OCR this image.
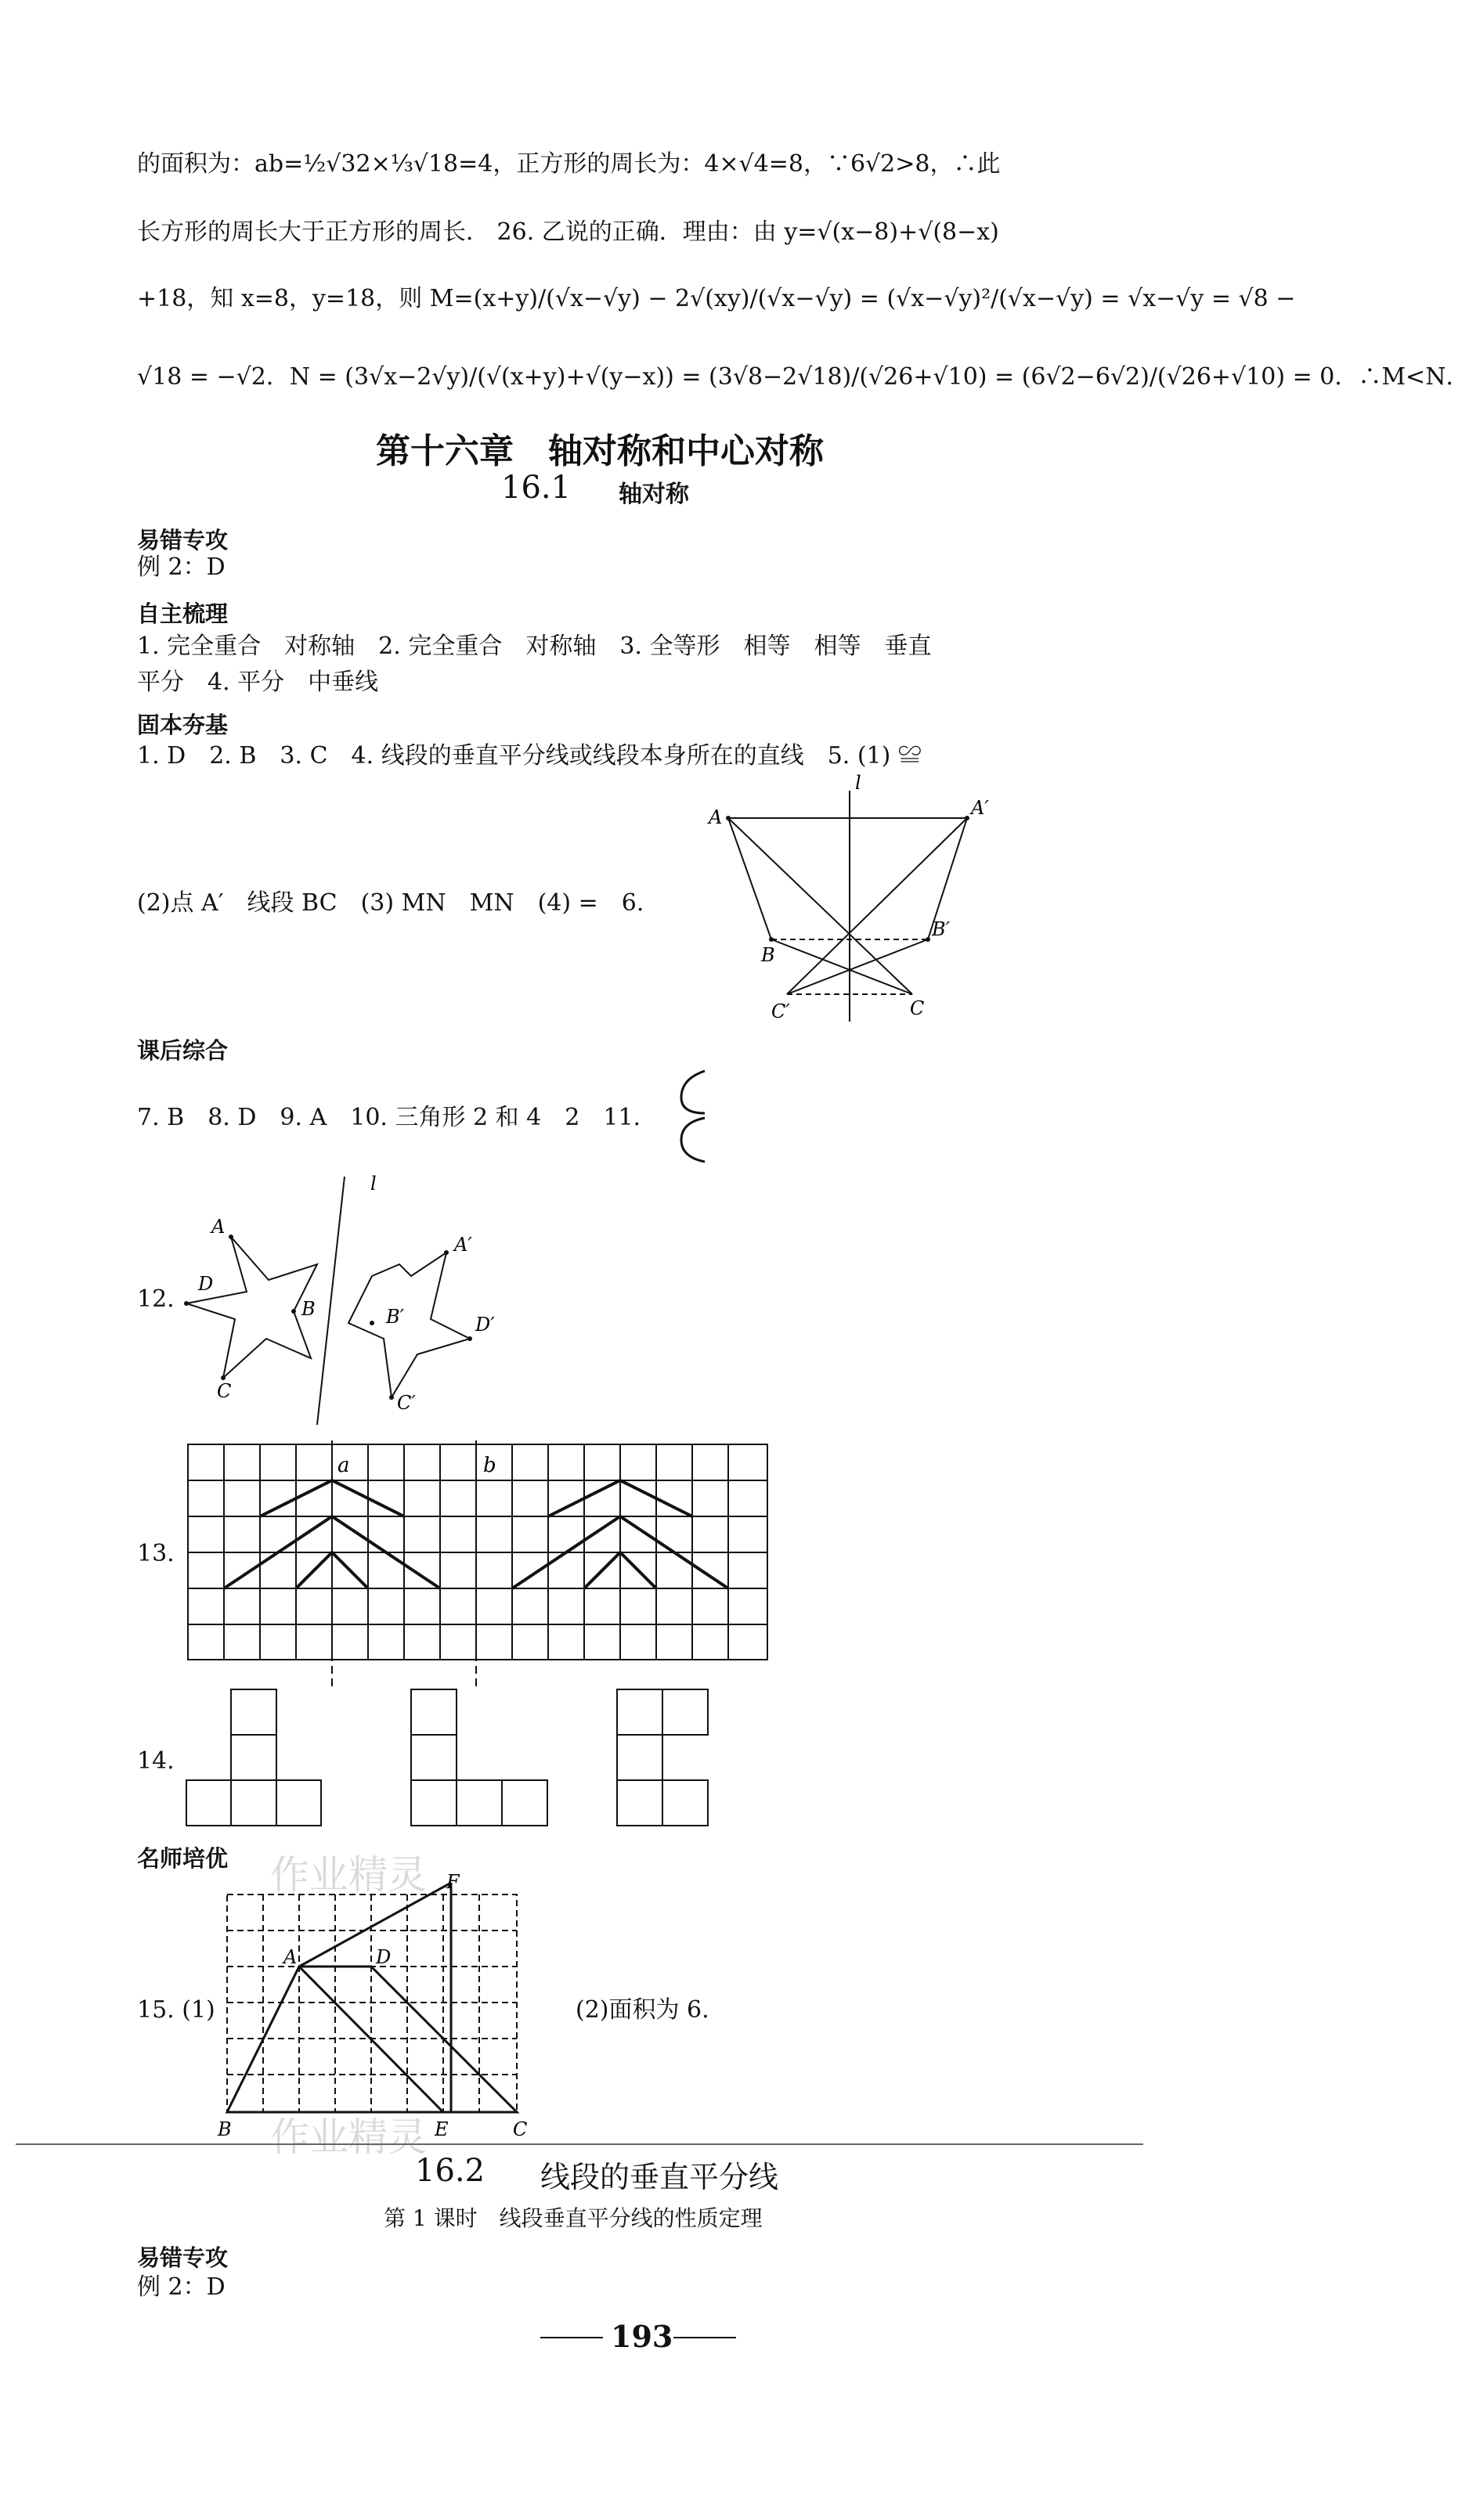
的面积为：ab=½√32×⅓√18=4，正方形的周长为：4×√4=8，∵6√2>8，∴此
长方形的周长大于正方形的周长． 26. 乙说的正确．理由：由 y=√(x−8)+√(8−x)
+18，知 x=8，y=18，则 M=(x+y)/(√x−√y) − 2√(xy)/(√x−√y) = (√x−√y)²/(√x−√y) = √x−√y = √8 −
√18 = −√2．N = (3√x−2√y)/(√(x+y)+√(y−x)) = (3√8−2√18)/(√26+√10) = (6√2−6√2)/(√26+√10) = 0．∴M<N．
第十六章　轴对称和中心对称
16.1 轴对称
易错专攻
例 2：D
自主梳理
1. 完全重合　对称轴　2. 完全重合　对称轴　3. 全等形　相等　相等　垂直
平分　4. 平分　中垂线
固本夯基
1. D　2. B　3. C　4. 线段的垂直平分线或线段本身所在的直线　5. (1) ≌
(2)点 A′　线段 BC　(3) MN　MN　(4) =　6.
l
A	A′
B
B′
C′	C
课后综合
7. B　8. D　9. A　10. 三角形 2 和 4　2　11.
12.
l
A
D
B
C
A′
B′	D′
C′
13.
a	b
14.
名师培优 作业精灵
15. (1)
F
A	D
B	E	C
(2)面积为 6.
作业精灵
16.2 线段的垂直平分线
第 1 课时　线段垂直平分线的性质定理
易错专攻
例 2：D
193
